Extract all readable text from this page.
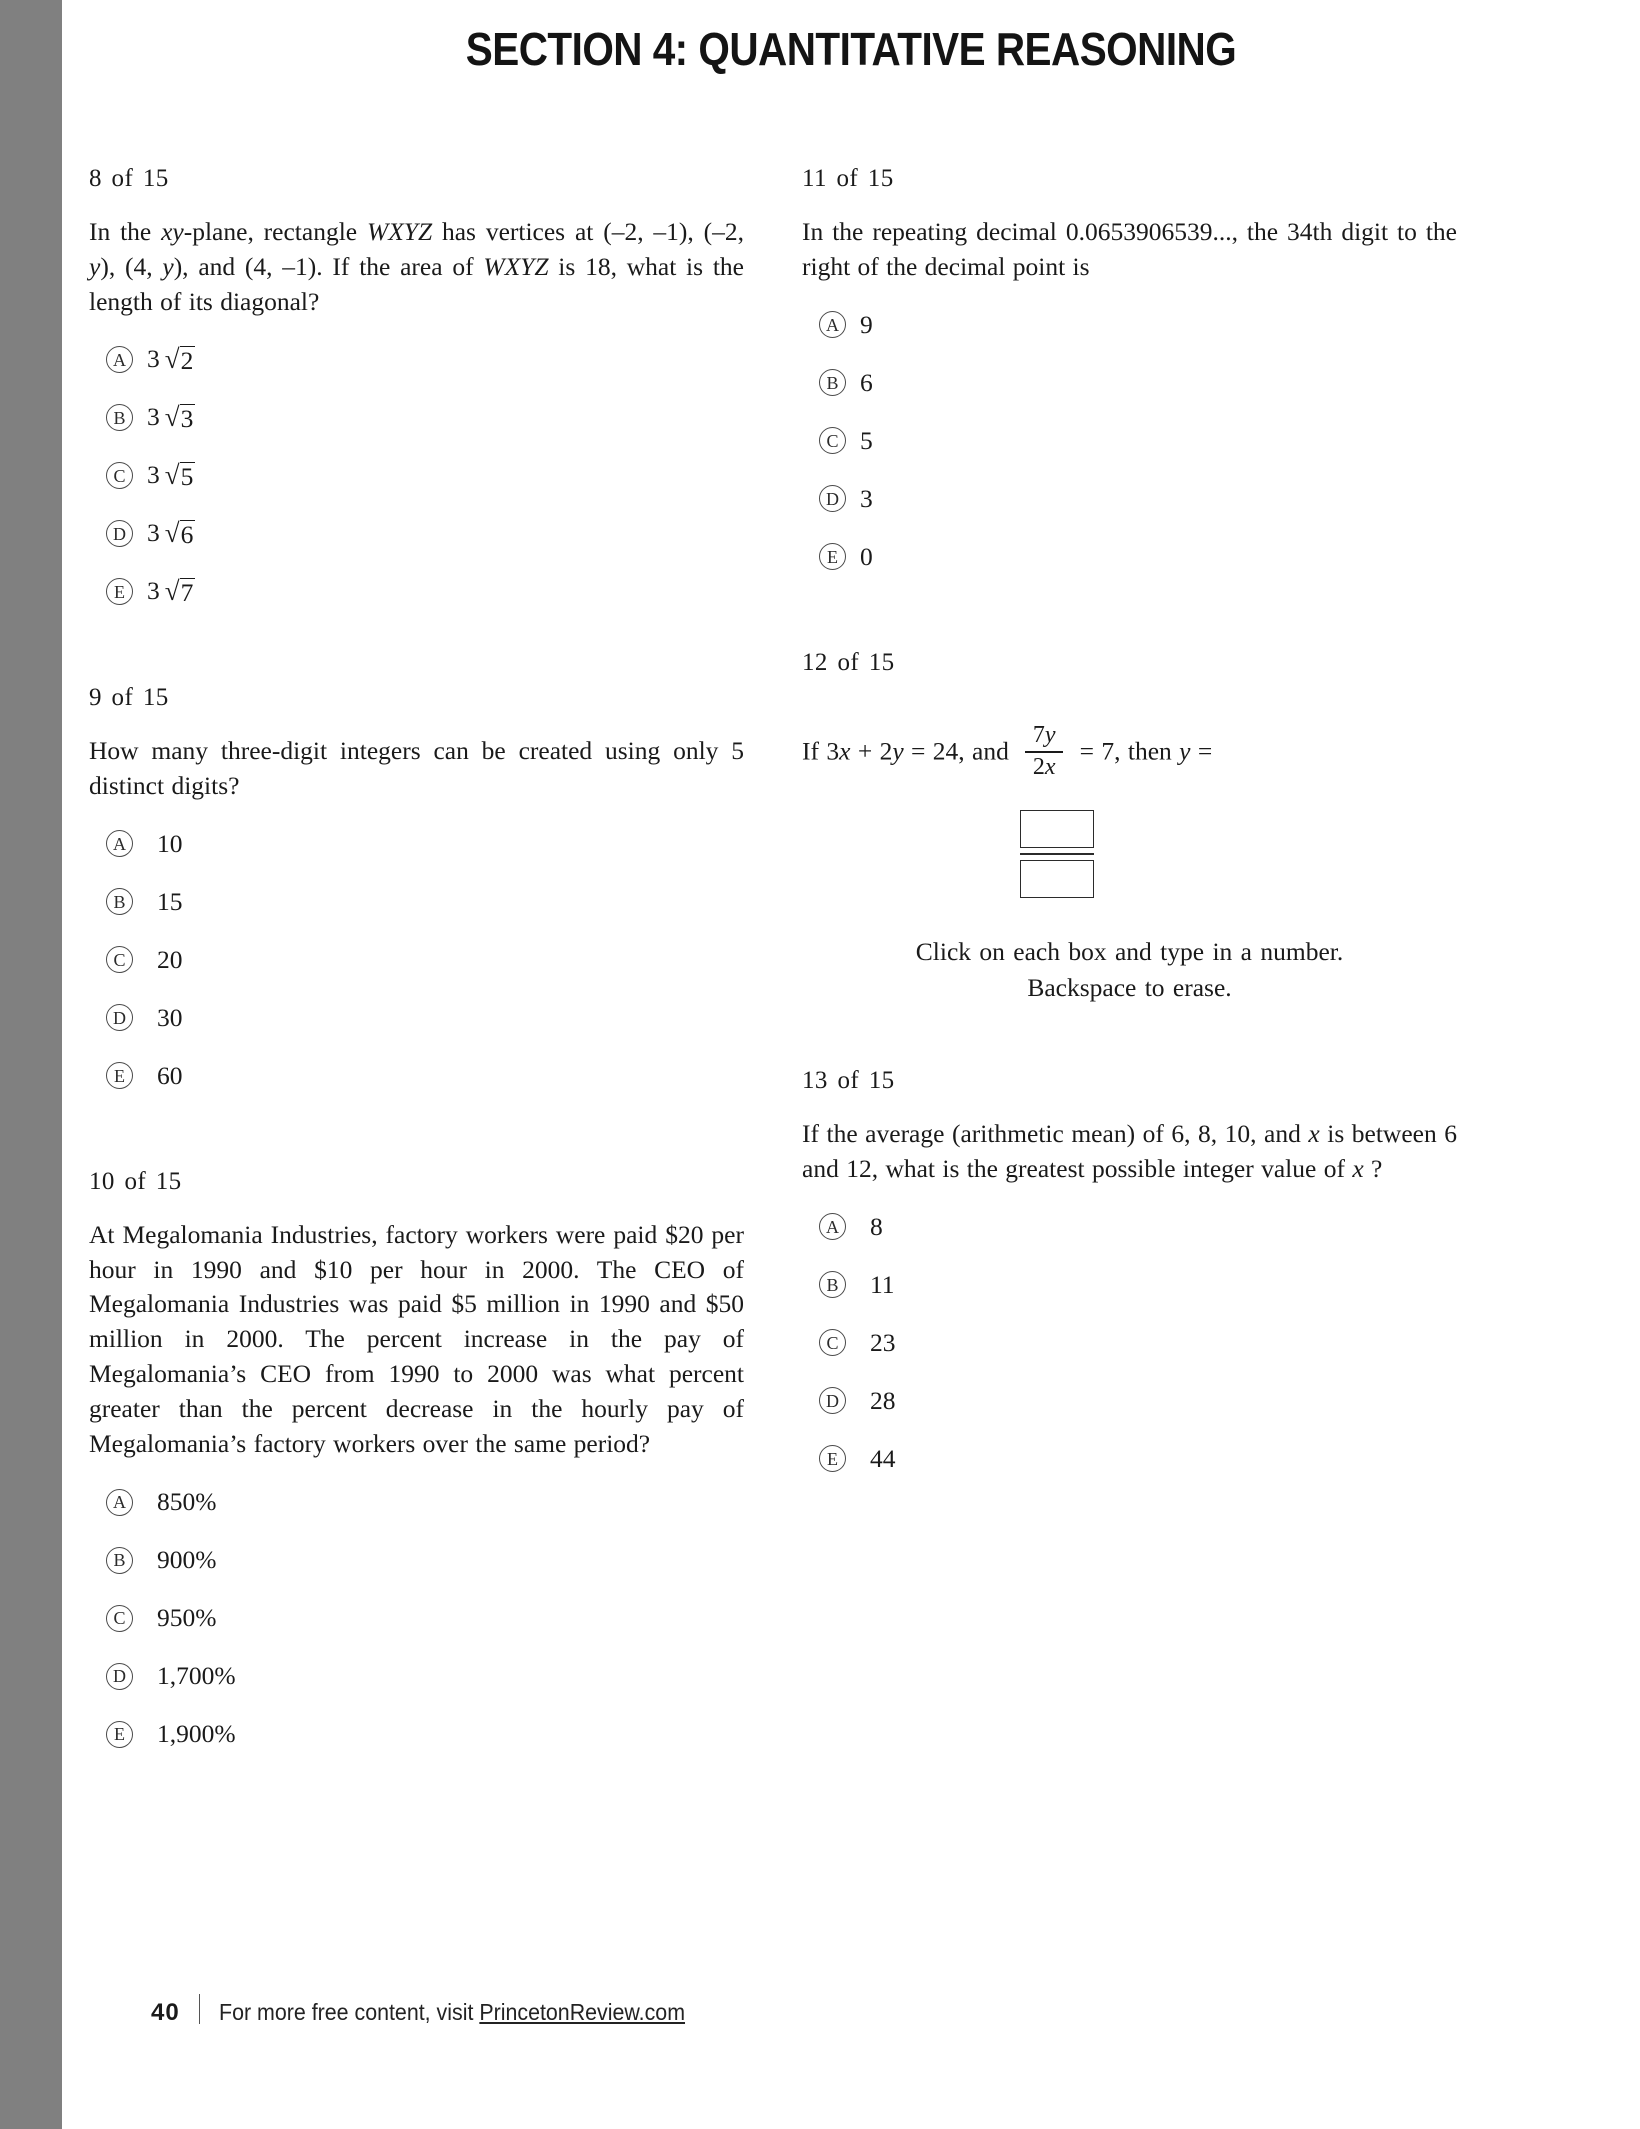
SECTION 4: QUANTITATIVE REASONING
8 of 15
In the xy-plane, rectangle WXYZ has vertices at (–2, –1), (–2, y), (4, y), and (4, –1). If the area of WXYZ is 18, what is the length of its diagonal?
A 3 √ 2
B 3 √ 3
C 3 √ 5
D 3 √ 6
E 3 √ 7
9 of 15
How many three-digit integers can be created using only 5 distinct digits?
A	10
B	15
C	20
D	30
E	60
10 of 15
At Megalomania Industries, factory workers were paid $20 per hour in 1990 and $10 per hour in 2000. The CEO of Megalomania Industries was paid $5 million in 1990 and $50 million in 2000. The percent increase in the pay of Megalomania’s CEO from 1990 to 2000 was what percent greater than the percent decrease in the hourly pay of Megalomania’s factory workers over the same period?
A	850%
B	900%
C	950%
D	1,700%
E	1,900%
11 of 15
In the repeating decimal 0.0653906539..., the 34th digit to the right of the decimal point is
A 9
B 6
C 5
D 3
E 0
12 of 15
If 3x + 2y = 24, and $\frac{7y}{2x} = 7$, then y =
Click on each box and type in a number.
Backspace to erase.
13 of 15
If the average (arithmetic mean) of 6, 8, 10, and x is between 6 and 12, what is the greatest possible integer value of x ?
A	8
B	11
C	23
D	28
E	44
40 For more free content, visit PrincetonReview.com
